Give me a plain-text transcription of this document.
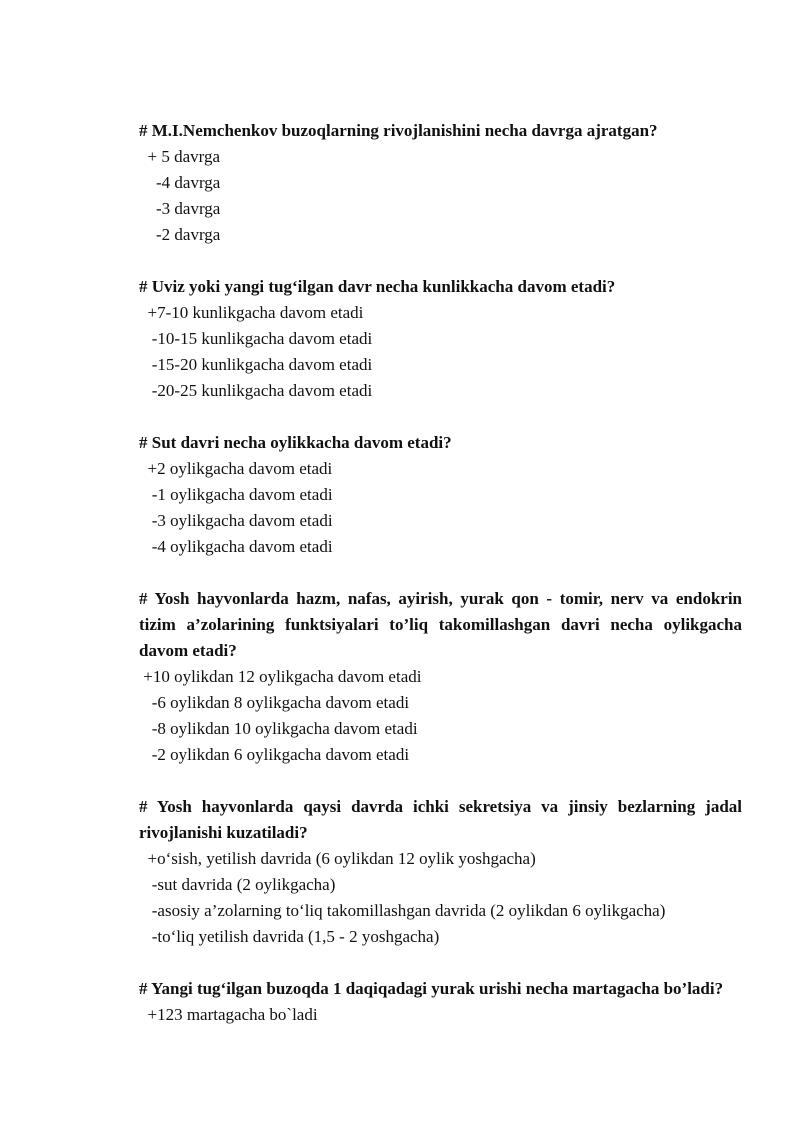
# M.I.Nemchenkov buzoqlarning rivojlanishini necha davrga ajratgan?
+ 5 davrga
-4 davrga
-3 davrga
-2 davrga
# Uviz yoki yangi tug‘ilgan davr necha kunlikkacha davom etadi?
+7-10 kunlikgacha davom etadi
-10-15 kunlikgacha davom etadi
-15-20 kunlikgacha davom etadi
-20-25 kunlikgacha davom etadi
# Sut davri necha oylikkacha davom etadi?
+2 oylikgacha davom etadi
-1 oylikgacha davom etadi
-3 oylikgacha davom etadi
-4 oylikgacha davom etadi
# Yosh hayvonlarda hazm, nafas, ayirish, yurak qon - tomir, nerv va endokrin tizim a’zolarining funktsiyalari to’liq takomillashgan davri necha oylikgacha davom etadi?
+10 oylikdan 12 oylikgacha davom etadi
-6 oylikdan 8 oylikgacha davom etadi
-8 oylikdan 10 oylikgacha davom etadi
-2 oylikdan 6 oylikgacha davom etadi
# Yosh hayvonlarda qaysi davrda ichki sekretsiya va jinsiy bezlarning jadal rivojlanishi kuzatiladi?
+o‘sish, yetilish davrida (6 oylikdan 12 oylik yoshgacha)
-sut davrida (2 oylikgacha)
-asosiy a’zolarning to‘liq takomillashgan davrida (2 oylikdan 6 oylikgacha)
-to‘liq yetilish davrida (1,5 - 2 yoshgacha)
# Yangi tug‘ilgan buzoqda 1 daqiqadagi yurak urishi necha martagacha bo’ladi?
+123 martagacha bo`ladi
